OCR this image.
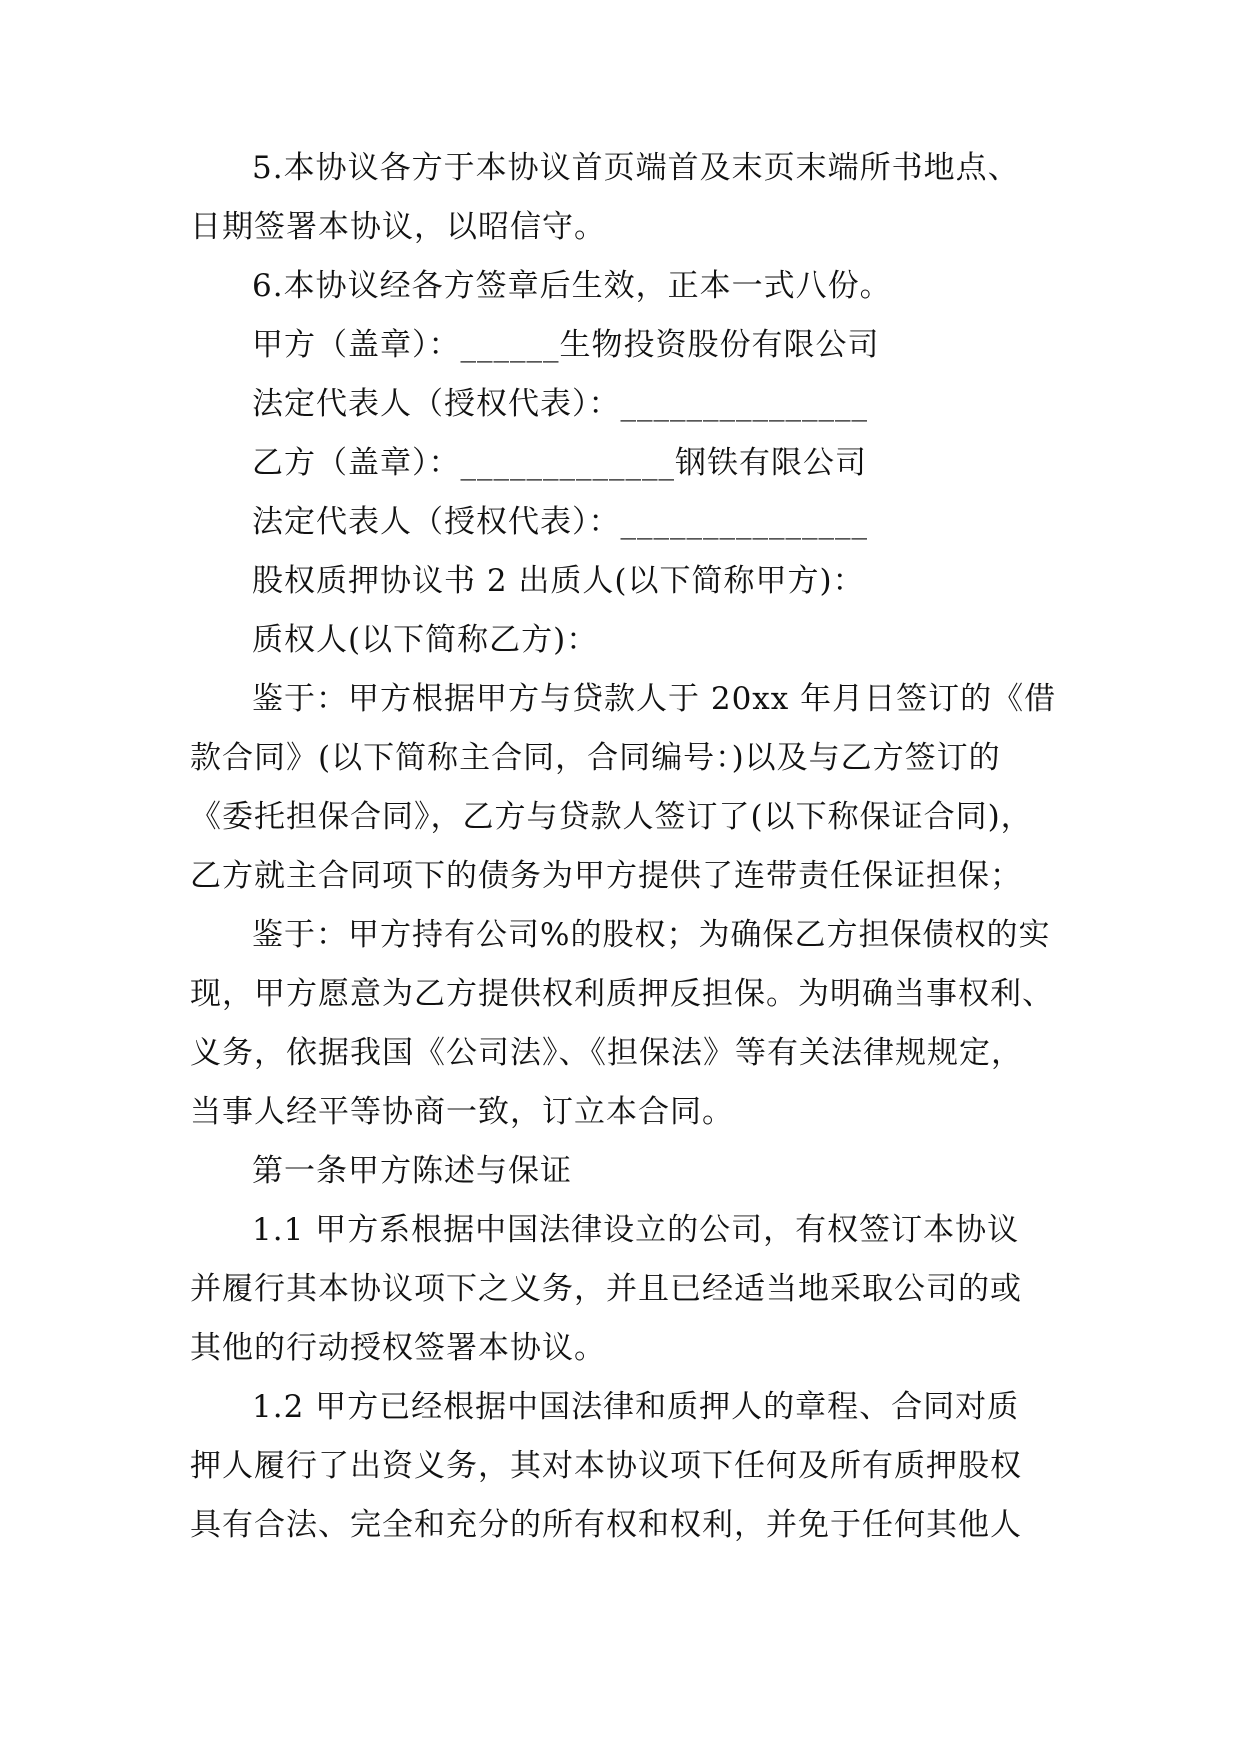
5.本协议各方于本协议首页端首及末页末端所书地点、
日期签署本协议，以昭信守。
6.本协议经各方签章后生效，正本一式八份。
甲方（盖章）：______生物投资股份有限公司
法定代表人（授权代表）：_______________
乙方（盖章）：_____________钢铁有限公司
法定代表人（授权代表）：_______________
股权质押协议书 2 出质人(以下简称甲方)：
质权人(以下简称乙方)：
鉴于：甲方根据甲方与贷款人于 20xx 年月日签订的《借
款合同》(以下简称主合同，合同编号：)以及与乙方签订的
《委托担保合同》，乙方与贷款人签订了(以下称保证合同)，
乙方就主合同项下的债务为甲方提供了连带责任保证担保；
鉴于：甲方持有公司%的股权；为确保乙方担保债权的实
现，甲方愿意为乙方提供权利质押反担保。为明确当事权利、
义务，依据我国《公司法》、《担保法》等有关法律规规定，
当事人经平等协商一致，订立本合同。
第一条甲方陈述与保证
1.1 甲方系根据中国法律设立的公司，有权签订本协议
并履行其本协议项下之义务，并且已经适当地采取公司的或
其他的行动授权签署本协议。
1.2 甲方已经根据中国法律和质押人的章程、合同对质
押人履行了出资义务，其对本协议项下任何及所有质押股权
具有合法、完全和充分的所有权和权利，并免于任何其他人
